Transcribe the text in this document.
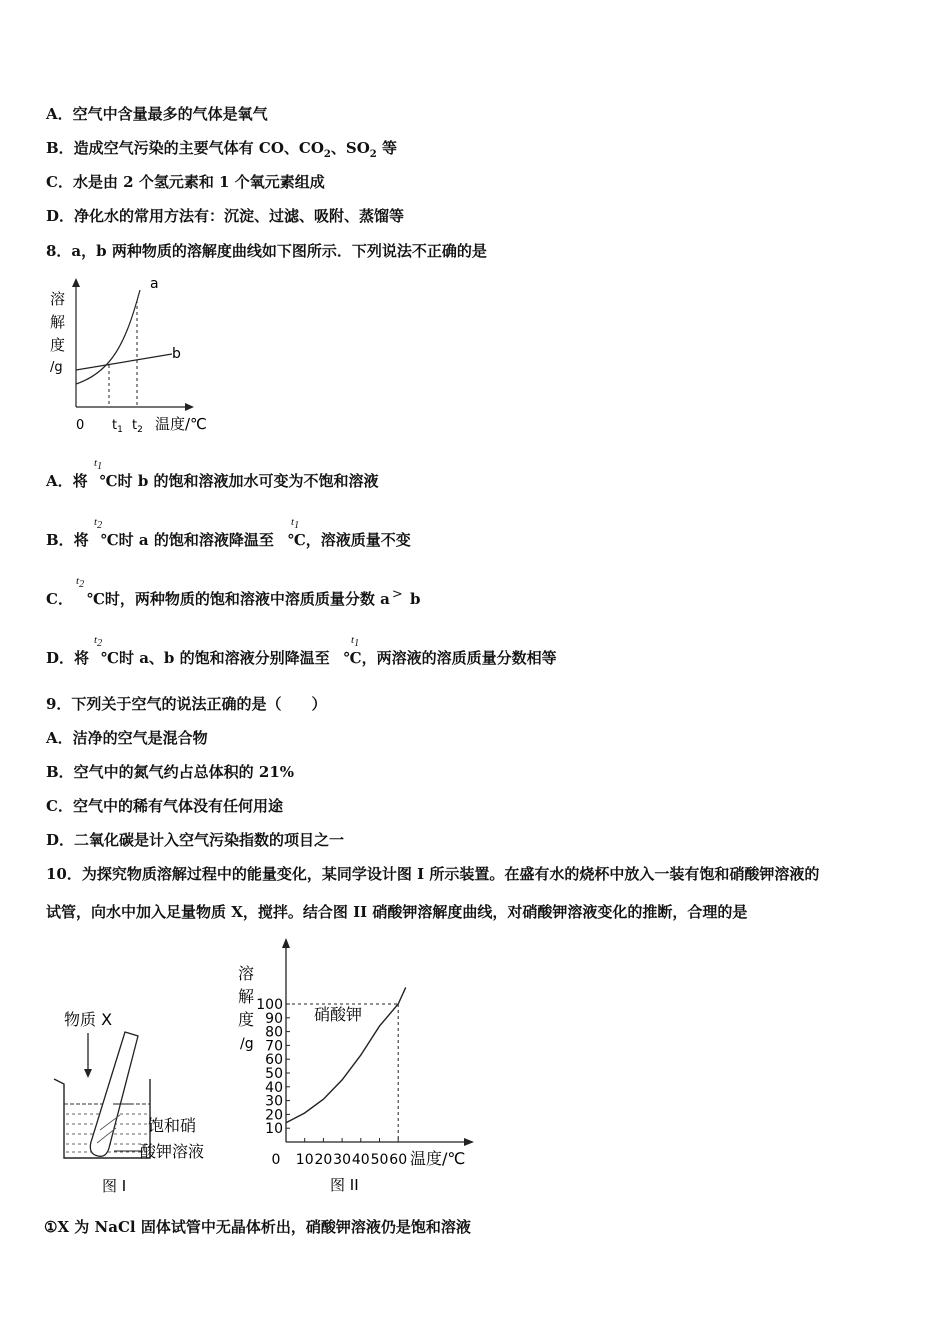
A．空气中含量最多的气体是氧气
B．造成空气污染的主要气体有 CO、$CO_2$、$SO_2$ 等
C．水是由 2 个氢元素和 1 个氧元素组成
D．净化水的常用方法有：沉淀、过滤、吸附、蒸馏等
8．a，b 两种物质的溶解度曲线如下图所示．下列说法不正确的是
a
b
溶
解
度
/g
0 $t_1$ $t_2$ 温度/℃
A．将
$t_1$
℃时 b 的饱和溶液加水可变为不饱和溶液
B．将
$t_2$
℃时 a 的饱和溶液降温至
$t_1$
℃，溶液质量不变
C．
$t_2$
℃时，两种物质的饱和溶液中溶质质量分数 a > b
D．将
$t_2$
℃时 a、b 的饱和溶液分别降温至
$t_1$
℃，两溶液的溶质质量分数相等
9．下列关于空气的说法正确的是（　　）
A．洁净的空气是混合物
B．空气中的氮气约占总体积的 21%
C．空气中的稀有气体没有任何用途
D．二氧化碳是计入空气污染指数的项目之一
10．为探究物质溶解过程中的能量变化，某同学设计图 I 所示装置。在盛有水的烧杯中放入一装有饱和硝酸钾溶液的
试管，向水中加入足量物质 X，搅拌。结合图 II 硝酸钾溶解度曲线，对硝酸钾溶液变化的推断，合理的是
物质 X
饱和硝
酸钾溶液
图 I
100
90
80
70
60
50
40
30
20
10
0 10 20 30 40 50 60
溶
解
度
/g
硝酸钾
温度/℃
图 II
①X 为 NaCl 固体试管中无晶体析出，硝酸钾溶液仍是饱和溶液
